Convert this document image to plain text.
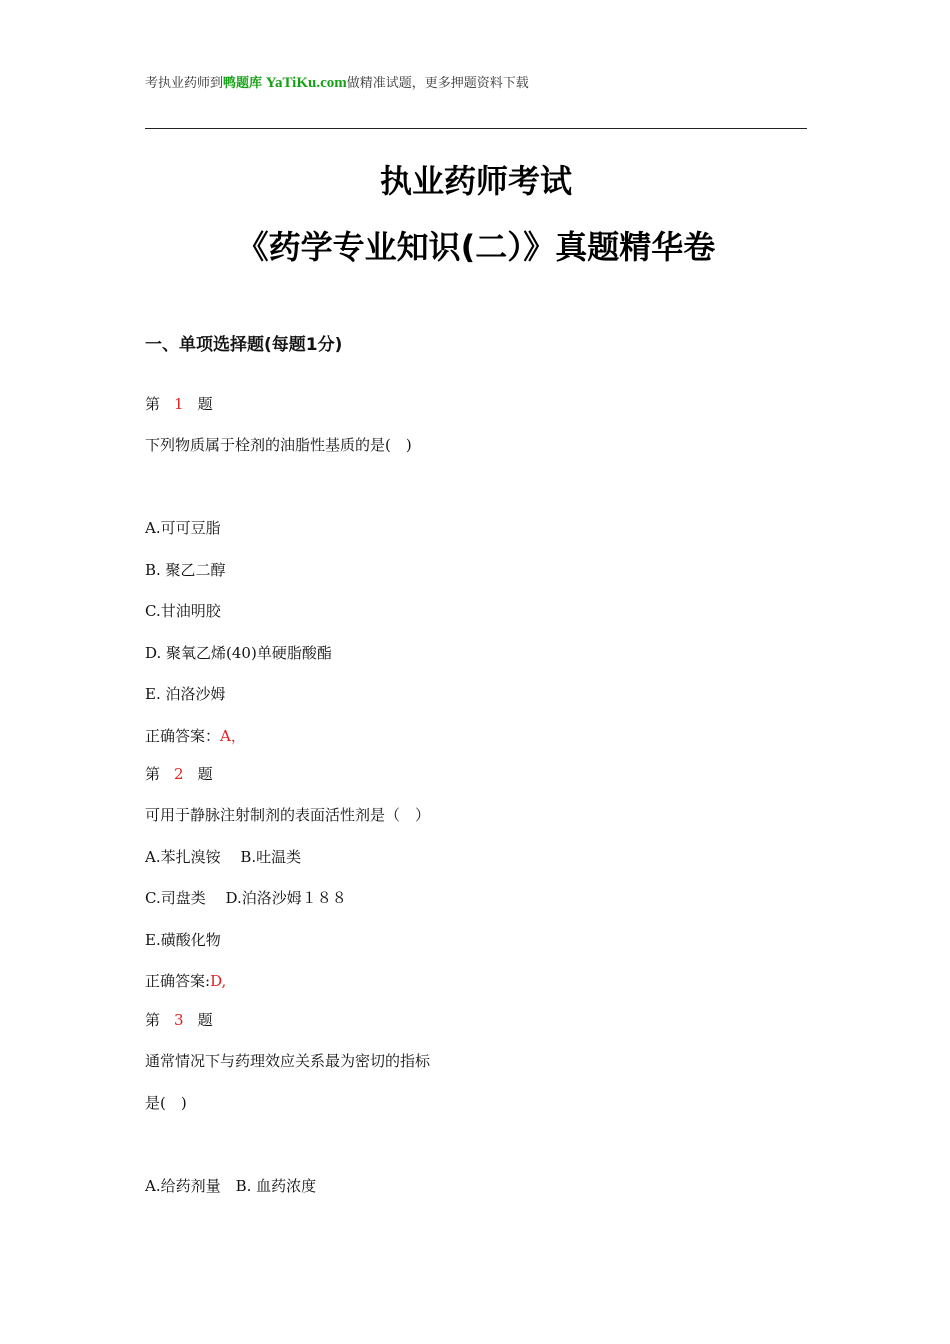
考执业药师到鸭题库 YaTiKu.com做精准试题，更多押题资料下载
执业药师考试
《药学专业知识(二）》真题精华卷
一、单项选择题(每题1分)
第 1 题
下列物质属于栓剂的油脂性基质的是(　)
A.可可豆脂
B. 聚乙二醇
C.甘油明胶
D. 聚氧乙烯(40)单硬脂酸酯
E. 泊洛沙姆
正确答案：A，
第 2 题
可用于静脉注射制剂的表面活性剂是（　）
A.苯扎溴铵　 B.吐温类
C.司盘类　 D.泊洛沙姆１８８
E.磺酸化物
正确答案:D,
第 3 题
通常情况下与药理效应关系最为密切的指标
是(　)
A.给药剂量　B. 血药浓度
